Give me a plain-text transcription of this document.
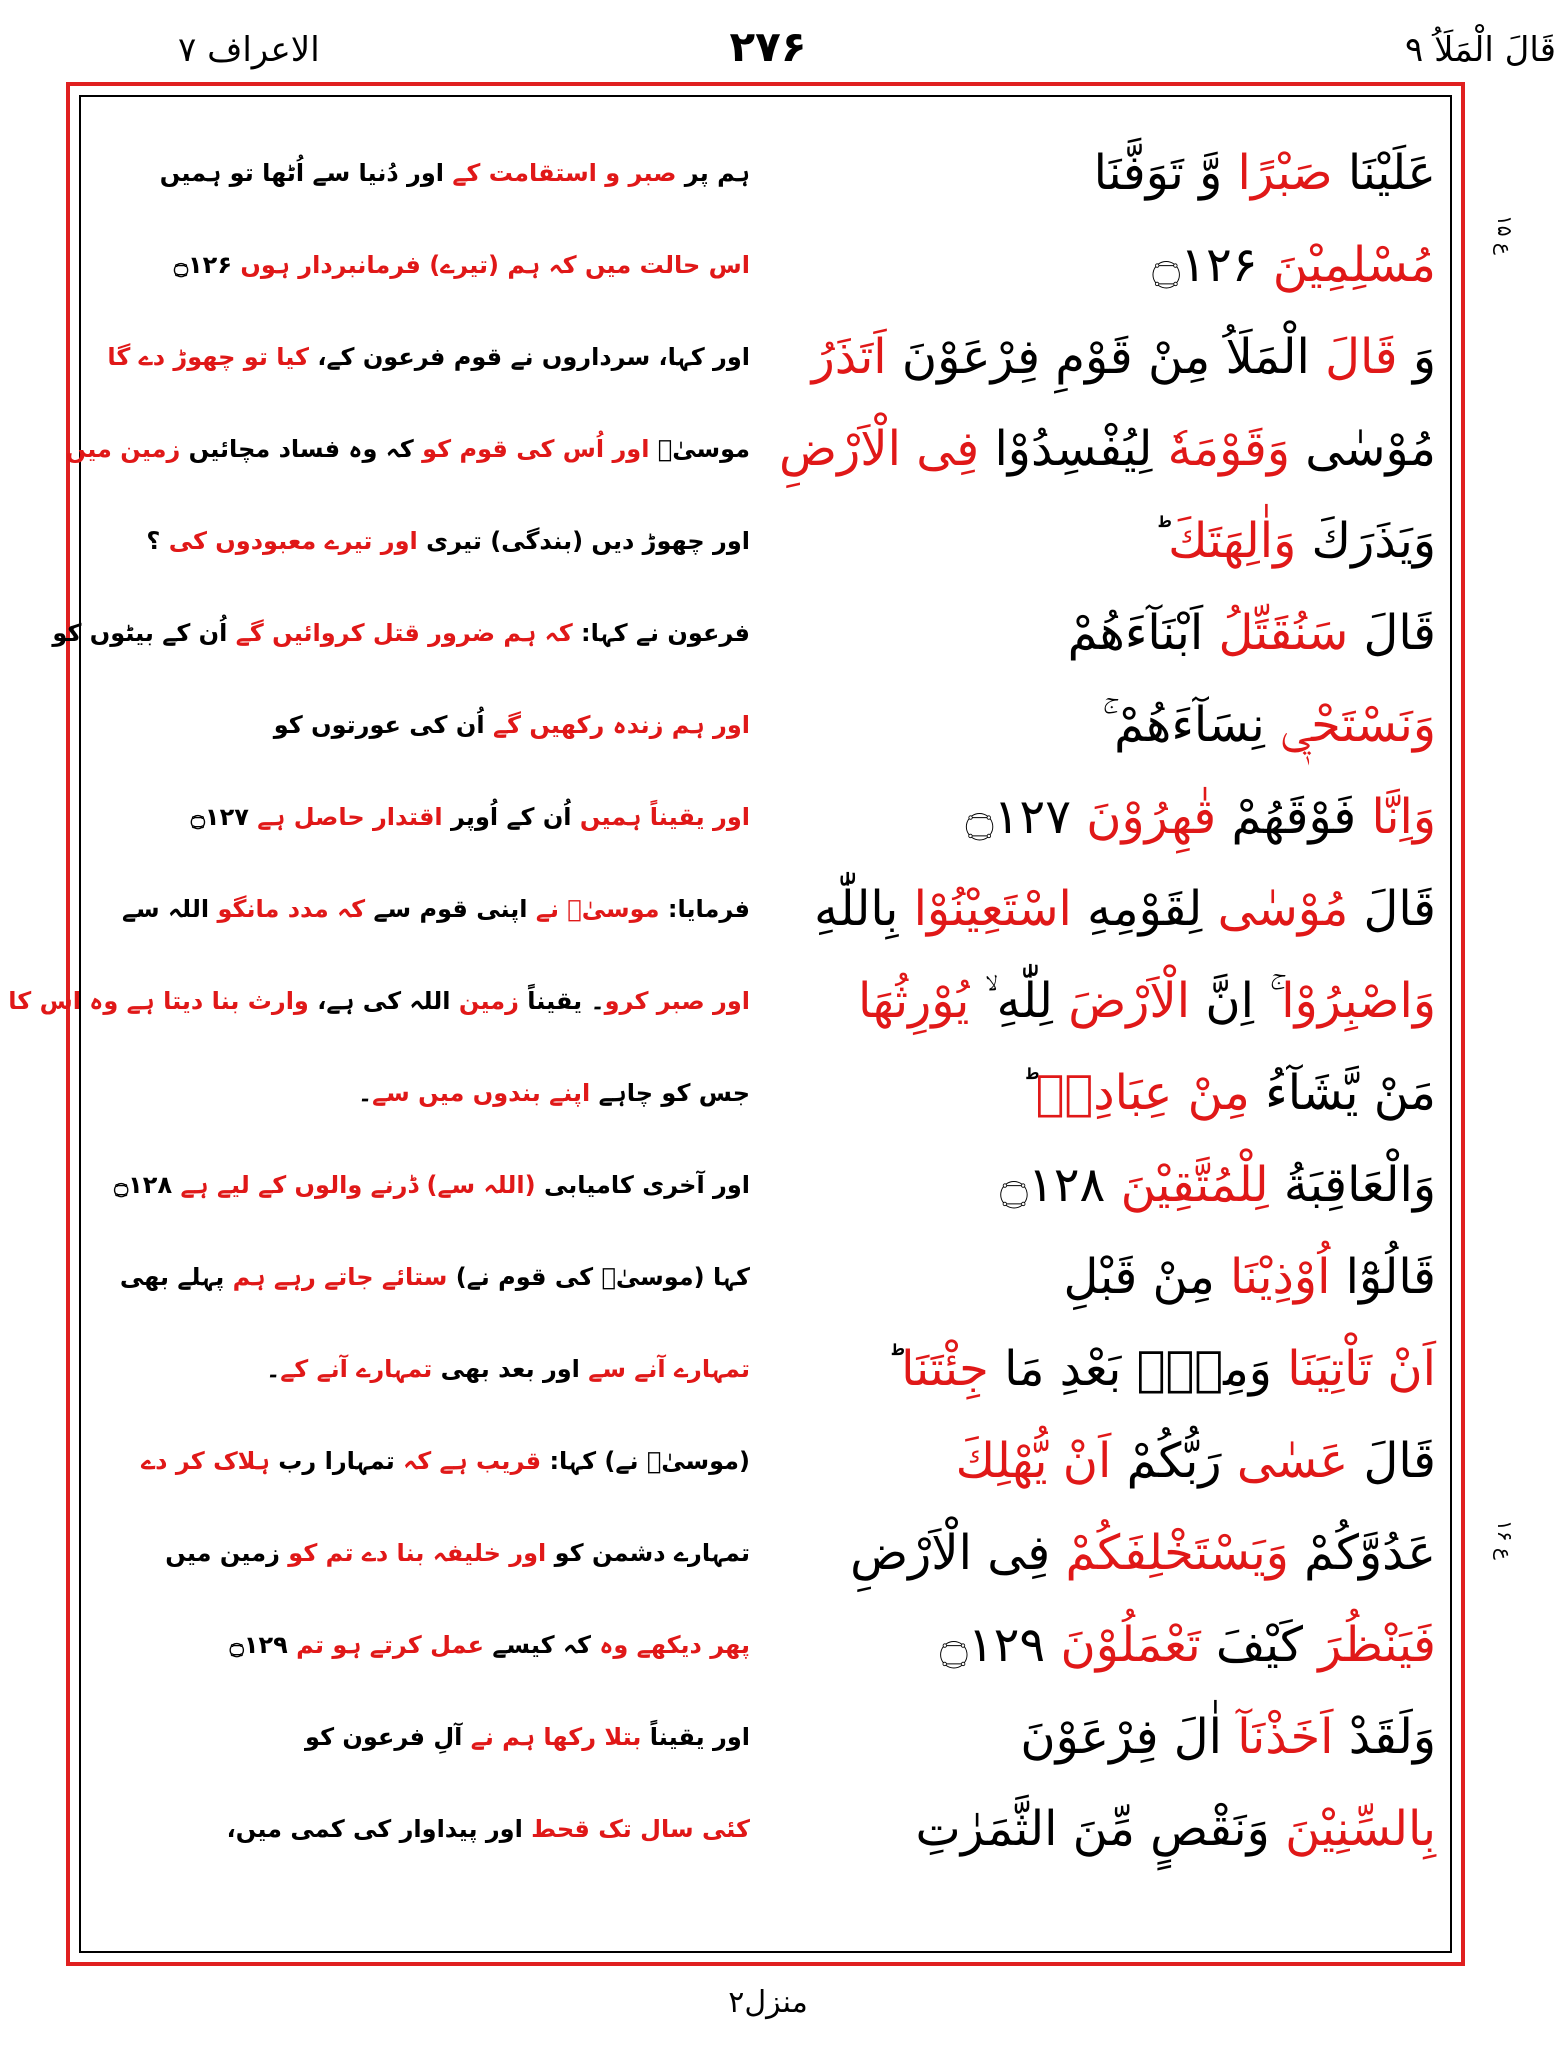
الاعراف ۷	۲۷۶	قَالَ الْمَلَاُ ۹
ع ۱۵
ع ۱۶
عَلَيْنَا صَبْرًا وَّ تَوَفَّنَا
ہم پر صبر و استقامت کے اور دُنیا سے اُٹھا تو ہمیں
مُسْلِمِيْنَ ۝۱۲۶
اس حالت میں کہ ہم (تیرے) فرمانبردار ہوں ۝۱۲۶
وَ قَالَ الْمَلَاُ مِنْ قَوْمِ فِرْعَوْنَ اَتَذَرُ
اور کہا، سرداروں نے قوم فرعون کے، کیا تو چھوڑ دے گا
مُوْسٰى وَقَوْمَهٗ لِيُفْسِدُوْا فِى الْاَرْضِ
موسیٰؑ اور اُس کی قوم کو کہ وہ فساد مچائیں زمین میں
وَيَذَرَكَ وَاٰلِهَتَكَ ؕ
اور چھوڑ دیں (بندگی) تیری اور تیرے معبودوں کی ؟
قَالَ سَنُقَتِّلُ اَبْنَآءَهُمْ
فرعون نے کہا: کہ ہم ضرور قتل کروائیں گے اُن کے بیٹوں کو
وَنَسْتَحْيٖ نِسَآءَهُمْ ۚ
اور ہم زندہ رکھیں گے اُن کی عورتوں کو
وَاِنَّا فَوْقَهُمْ قٰهِرُوْنَ ۝۱۲۷
اور یقیناً ہمیں اُن کے اُوپر اقتدار حاصل ہے ۝۱۲۷
قَالَ مُوْسٰى لِقَوْمِهِ اسْتَعِيْنُوْا بِاللّٰهِ
فرمایا: موسیٰؑ نے اپنی قوم سے کہ مدد مانگو اللہ سے
وَاصْبِرُوْا ۚ اِنَّ الْاَرْضَ لِلّٰهِ ۙ يُوْرِثُهَا
اور صبر کرو۔ یقیناً زمین اللہ کی ہے، وارث بنا دیتا ہے وہ اس کا
مَنْ يَّشَآءُ مِنْ عِبَادِهٖ ؕ
جس کو چاہے اپنے بندوں میں سے۔
وَالْعَاقِبَةُ لِلْمُتَّقِيْنَ ۝۱۲۸
اور آخری کامیابی (اللہ سے) ڈرنے والوں کے لیے ہے ۝۱۲۸
قَالُوْٓا اُوْذِيْنَا مِنْ قَبْلِ
کہا (موسیٰؑ کی قوم نے) ستائے جاتے رہے ہم پہلے بھی
اَنْ تَاْتِيَنَا وَمِنْۢ بَعْدِ مَا جِئْتَنَا ؕ
تمہارے آنے سے اور بعد بھی تمہارے آنے کے۔
قَالَ عَسٰى رَبُّكُمْ اَنْ يُّهْلِكَ
(موسیٰؑ نے) کہا: قریب ہے کہ تمہارا رب ہلاک کر دے
عَدُوَّكُمْ وَيَسْتَخْلِفَكُمْ فِى الْاَرْضِ
تمہارے دشمن کو اور خلیفہ بنا دے تم کو زمین میں
فَيَنْظُرَ كَيْفَ تَعْمَلُوْنَ ۝۱۲۹
پھر دیکھے وہ کہ کیسے عمل کرتے ہو تم ۝۱۲۹
وَلَقَدْ اَخَذْنَآ اٰلَ فِرْعَوْنَ
اور یقیناً بتلا رکھا ہم نے آلِ فرعون کو
بِالسِّنِيْنَ وَنَقْصٍ مِّنَ الثَّمَرٰتِ
کئی سال تک قحط اور پیداوار کی کمی میں،
منزل۲
